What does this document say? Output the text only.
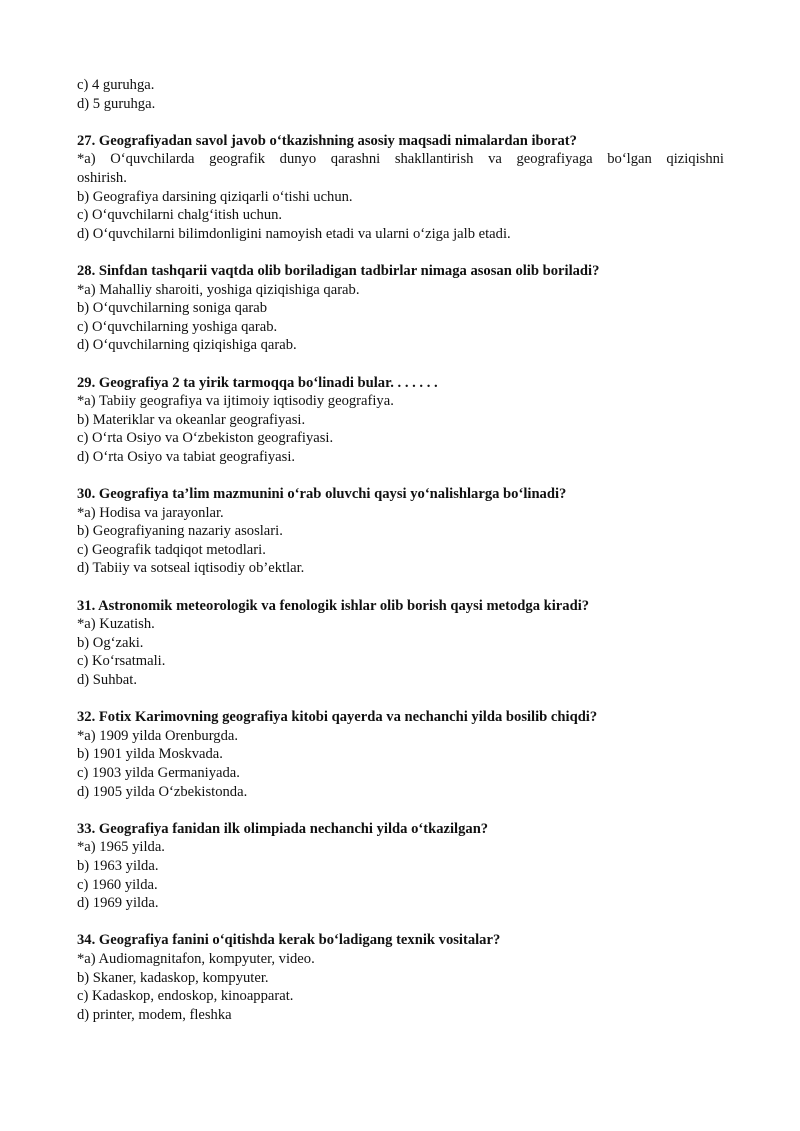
c) 4 guruhga.

d) 5 guruhga.

27. Geografiyadan savol javob o‘tkazishning asosiy maqsadi nimalardan iborat?

*a) O‘quvchilarda geografik dunyo qarashni shakllantirish va geografiyaga bo‘lgan qiziqishni

oshirish.

b) Geografiya darsining qiziqarli o‘tishi uchun.

c) O‘quvchilarni chalg‘itish uchun.

d) O‘quvchilarni bilimdonligini namoyish etadi va ularni o‘ziga jalb etadi.

28. Sinfdan tashqarii vaqtda olib boriladigan tadbirlar nimaga asosan olib boriladi?

*a) Mahalliy sharoiti, yoshiga qiziqishiga qarab.

b) O‘quvchilarning soniga qarab

c) O‘quvchilarning yoshiga qarab.

d) O‘quvchilarning qiziqishiga qarab.

29. Geografiya 2 ta yirik tarmoqqa bo‘linadi bular. . . . . . .

*a) Tabiiy geografiya va ijtimoiy iqtisodiy geografiya.

b) Materiklar va okeanlar geografiyasi.

c) O‘rta Osiyo va O‘zbekiston geografiyasi.

d) O‘rta Osiyo va tabiat geografiyasi.

30. Geografiya ta’lim mazmunini o‘rab oluvchi qaysi yo‘nalishlarga bo‘linadi?

*a) Hodisa va jarayonlar.

b) Geografiyaning nazariy asoslari.

c) Geografik tadqiqot metodlari.

d) Tabiiy va sotseal iqtisodiy ob’ektlar.

31. Astronomik meteorologik va fenologik ishlar olib borish qaysi metodga kiradi?

*a) Kuzatish.

b) Og‘zaki.

c) Ko‘rsatmali.

d) Suhbat.

32. Fotix Karimovning geografiya kitobi qayerda va nechanchi yilda bosilib chiqdi?

*a) 1909 yilda Orenburgda.

b) 1901 yilda Moskvada.

c) 1903 yilda Germaniyada.

d) 1905 yilda O‘zbekistonda.

33. Geografiya fanidan ilk olimpiada nechanchi yilda o‘tkazilgan?

*a) 1965 yilda.

b) 1963 yilda.

c) 1960 yilda.

d) 1969 yilda.

34. Geografiya fanini o‘qitishda kerak bo‘ladigang texnik vositalar?

*a) Audiomagnitafon, kompyuter, video.

b) Skaner, kadaskop, kompyuter.

c) Kadaskop, endoskop, kinoapparat.

d) printer, modem, fleshka
